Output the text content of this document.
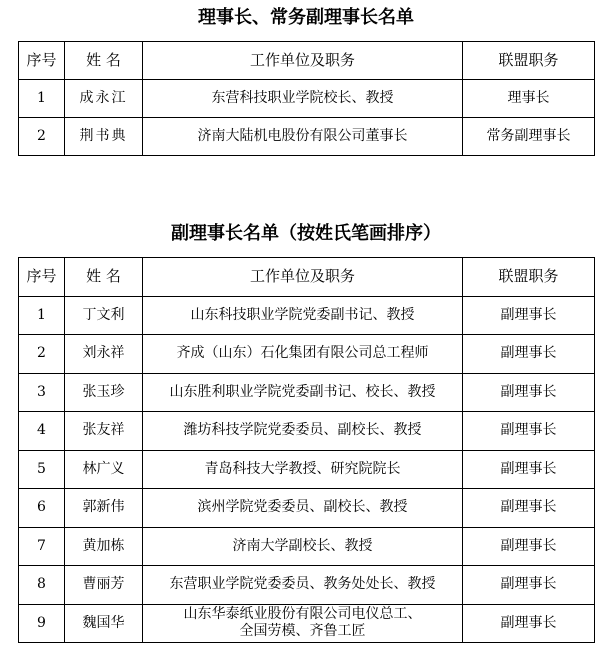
理事长、常务副理事长名单
序号	姓 名	工作单位及职务	联盟职务
1	成永江	东营科技职业学院校长、教授	理事长
2	荆书典	济南大陆机电股份有限公司董事长	常务副理事长
副理事长名单（按姓氏笔画排序）
序号	姓 名	工作单位及职务	联盟职务
1	丁文利	山东科技职业学院党委副书记、教授	副理事长
2	刘永祥	齐成（山东）石化集团有限公司总工程师	副理事长
3	张玉珍	山东胜利职业学院党委副书记、校长、教授	副理事长
4	张友祥	潍坊科技学院党委委员、副校长、教授	副理事长
5	林广义	青岛科技大学教授、研究院院长	副理事长
6	郭新伟	滨州学院党委委员、副校长、教授	副理事长
7	黄加栋	济南大学副校长、教授	副理事长
8	曹丽芳	东营职业学院党委委员、教务处处长、教授	副理事长
9	魏国华	山东华泰纸业股份有限公司电仪总工、
全国劳模、齐鲁工匠	副理事长
